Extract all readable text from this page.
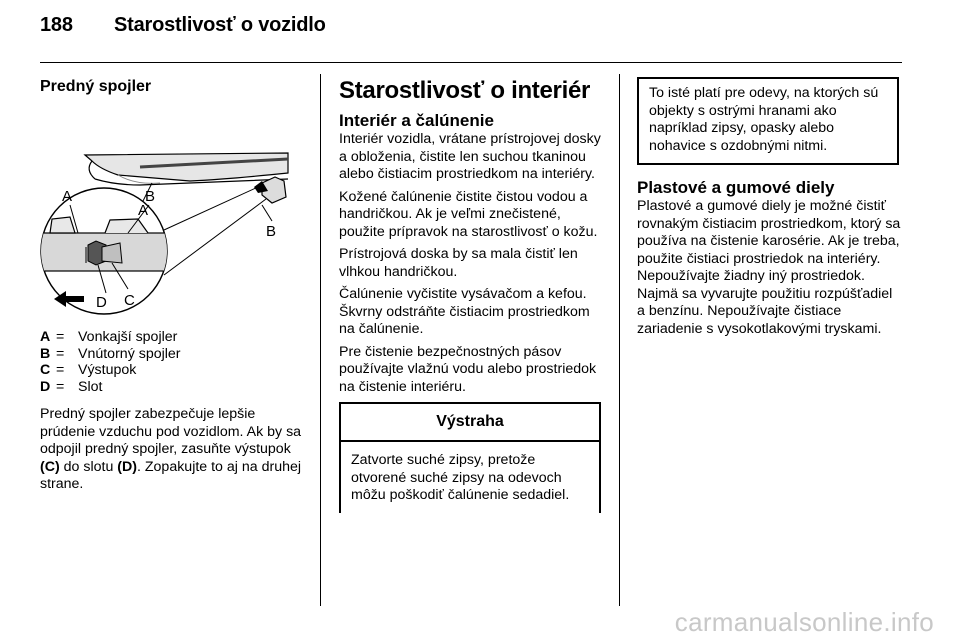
188 Starostlivosť o vozidlo
Predný spojler
A
B
A	B
D C
A = Vonkajší spojler
B = Vnútorný spojler
C = Výstupok
D = Slot
Predný spojler zabezpečuje lepšie prúdenie vzduchu pod vozidlom. Ak by sa odpojil predný spojler, zasuňte výstupok (C) do slotu (D). Zopakujte to aj na druhej strane.
Starostlivosť o interiér
Interiér a čalúnenie

Interiér vozidla, vrátane prístrojovej dosky a obloženia, čistite len suchou tkaninou alebo čistiacim prostriedkom na interiéry.

Kožené čalúnenie čistite čistou vodou a handričkou. Ak je veľmi znečistené, použite prípravok na starostlivosť o kožu.

Prístrojová doska by sa mala čistiť len vlhkou handričkou.

Čalúnenie vyčistite vysávačom a kefou. Škvrny odstráňte čistiacim prostriedkom na čalúnenie.

Pre čistenie bezpečnostných pásov používajte vlažnú vodu alebo prostriedok na čistenie interiéru.

Výstraha
Zatvorte suché zipsy, pretože otvorené suché zipsy na odevoch môžu poškodiť čalúnenie sedadiel.
To isté platí pre odevy, na ktorých sú objekty s ostrými hranami ako napríklad zipsy, opasky alebo nohavice s ozdobnými nitmi.
Plastové a gumové diely
Plastové a gumové diely je možné čistiť rovnakým čistiacim prostriedkom, ktorý sa používa na čistenie karosérie. Ak je treba, použite čistiaci prostriedok na interiéry. Nepoužívajte žiadny iný prostriedok. Najmä sa vyvarujte použitiu rozpúšťadiel a benzínu. Nepoužívajte čistiace zariadenie s vysokotlakovými tryskami.
carmanualsonline.info
